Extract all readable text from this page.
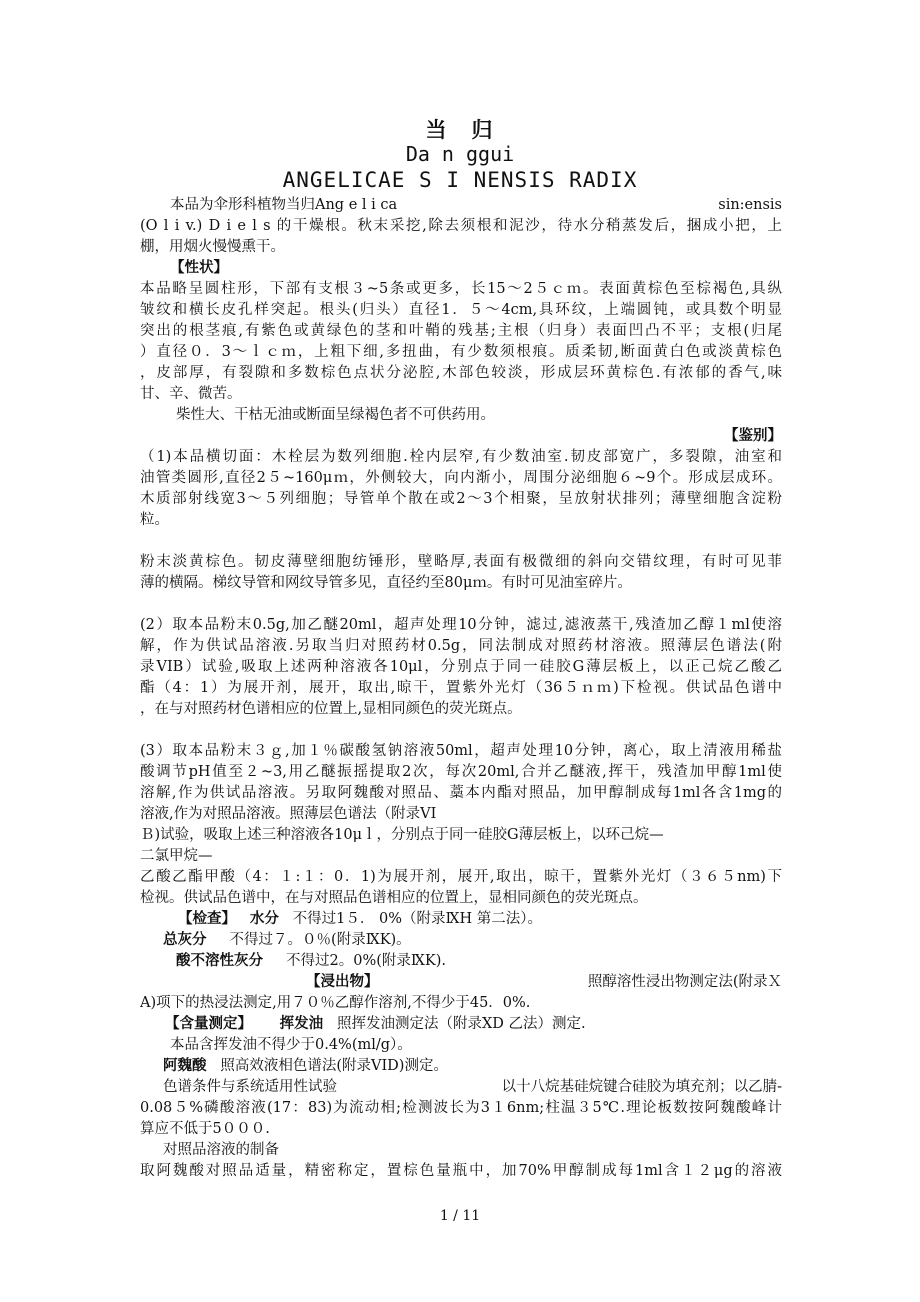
当　归
Da n ggui
ANGELICAE S I NENSIS RADIX
本品为伞形科植物当归Ang e l i ca	sin:ensis
(O l i v.) D i e l s 的干燥根。秋末采挖,除去须根和泥沙，待水分稍蒸发后，捆成小把，上
棚，用烟火慢慢熏干。
【性状】
本品略呈圆柱形，下部有支根３~5条或更多，长15～2５ｃｍ。表面黄棕色至棕褐色,具纵
皱纹和横长皮孔样突起。根头(归头）直径1．５～4cm,具环纹，上端圆钝，或具数个明显
突出的根茎痕,有紫色或黄绿色的茎和叶鞘的残基;主根（归身）表面凹凸不平；支根(归尾
）直径０．3～ｌｃｍ，上粗下细,多扭曲，有少数须根痕。质柔韧,断面黄白色或淡黄棕色
，皮部厚，有裂隙和多数棕色点状分泌腔,木部色较淡，形成层环黄棕色.有浓郁的香气,味
甘、辛、微苦。
柴性大、干枯无油或断面呈绿褐色者不可供药用。
【鉴别】
（1)本品横切面：木栓层为数列细胞.栓内层窄,有少数油室.韧皮部宽广，多裂隙，油室和
油管类圆形,直径2５~160μｍ，外侧较大，向内渐小，周围分泌细胞６~9个。形成层成环。
木质部射线宽3～５列细胞；导管单个散在或2～3个相聚，呈放射状排列；薄壁细胞含淀粉
粒。
粉末淡黄棕色。韧皮薄壁细胞纺锤形，壁略厚,表面有极微细的斜向交错纹理，有时可见菲
薄的横隔。梯纹导管和网纹导管多见，直径约至80μｍ。有时可见油室碎片。
(2）取本品粉末0.5g,加乙醚20ml，超声处理10分钟，滤过,滤液蒸干,残渣加乙醇１ml使溶
解，作为供试品溶液.另取当归对照药材0.5g，同法制成对照药材溶液。照薄层色谱法(附
录VIB）试验,吸取上述两种溶液各10μl，分别点于同一硅胶G薄层板上，以正己烷乙酸乙
酯（4：1）为展开剂，展开，取出,晾干，置紫外光灯（36５ｎｍ)下检视。供试品色谱中
，在与对照药材色谱相应的位置上,显相同颜色的荧光斑点。
(3）取本品粉末３ｇ,加１％碳酸氢钠溶液50ml，超声处理10分钟，离心，取上清液用稀盐
酸调节pH值至２~3,用乙醚振摇提取2次，每次20ml,合并乙醚液,挥干，残渣加甲醇1ml使
溶解,作为供试品溶液。另取阿魏酸对照品、藁本内酯对照品，加甲醇制成每1ml各含1mg的
溶液,作为对照品溶液。照薄层色谱法（附录VI
Ｂ)试验，吸取上述三种溶液各10μｌ，分别点于同一硅胶G薄层板上，以环己烷—
二氯甲烷—
乙酸乙酯甲酸（4：１:１：0．1)为展开剂，展开,取出，晾干，置紫外光灯（３６５nm)下
检视。供试品色谱中，在与对照品色谱相应的位置上，显相同颜色的荧光斑点。
【检查】 水分 不得过1５． 0%（附录ⅨH 第二法）。
总灰分 不得过７。０％(附录ⅨK)。
酸不溶性灰分 不得过2。0%(附录ⅨK).
【浸出物】	照醇溶性浸出物测定法(附录Ｘ
A)项下的热浸法测定,用７０％乙醇作溶剂,不得少于45．0%.
【含量测定】 挥发油 照挥发油测定法（附录XD 乙法）测定.
本品含挥发油不得少于0.4%(ml/g）。
阿魏酸 照高效液相色谱法(附录VID)测定。
色谱条件与系统适用性试验	以十八烷基硅烷键合硅胶为填充剂；以乙腈-
0.08５%磷酸溶液(17：83)为流动相;检测波长为3１6nm;柱温３5℃.理论板数按阿魏酸峰计
算应不低于5０００.
对照品溶液的制备
取阿魏酸对照品适量，精密称定，置棕色量瓶中，加70%甲醇制成每1ml含１２μg的溶液
1 / 11
